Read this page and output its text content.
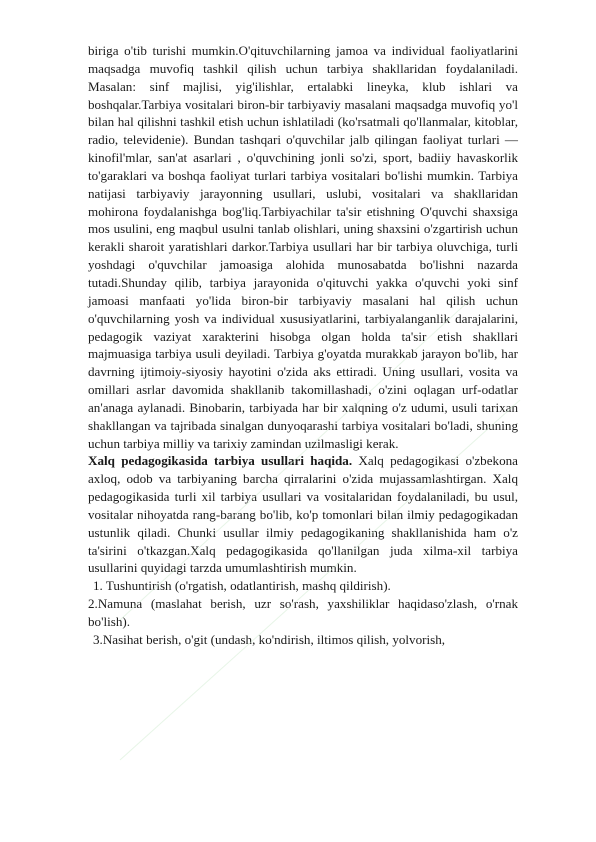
biriga o'tib turishi mumkin.O'qituvchilarning jamoa va individual faoliyatlarini maqsadga muvofiq tashkil qilish uchun tarbiya shakllaridan foydalaniladi. Masalan: sinf majlisi, yig'ilishlar, ertalabki lineyka, klub ishlari va boshqalar.Tarbiya vositalari biron-bir tarbiyaviy masalani maqsadga muvofiq yo'l bilan hal qilishni tashkil etish uchun ishlatiladi (ko'rsatmali qo'llanmalar, kitoblar, radio, televidenie). Bundan tashqari o'quvchilar jalb qilingan faoliyat turlari — kinofil'mlar, san'at asarlari , o'quvchining jonli so'zi, sport, badiiy havaskorlik to'garaklari va boshqa faoliyat turlari tarbiya vositalari bo'lishi mumkin. Tarbiya natijasi tarbiyaviy jarayonning usullari, uslubi, vositalari va shakllaridan mohirona foydalanishga bog'liq.Tarbiyachilar ta'sir etishning O'quvchi shaxsiga mos usulini, eng maqbul usulni tanlab olishlari, uning shaxsini o'zgartirish uchun kerakli sharoit yaratishlari darkor.Tarbiya usullari har bir tarbiya oluvchiga, turli yoshdagi o'quvchilar jamoasiga alohida munosabatda bo'lishni nazarda tutadi.Shunday qilib, tarbiya jarayonida o'qituvchi yakka o'quvchi yoki sinf jamoasi manfaati yo'lida biron-bir tarbiyaviy masalani hal qilish uchun o'quvchilarning yosh va individual xususiyatlarini, tarbiyalanganlik darajalarini, pedagogik vaziyat xarakterini hisobga olgan holda ta'sir etish shakllari majmuasiga tarbiya usuli deyiladi. Tarbiya g'oyatda murakkab jarayon bo'lib, har davrning ijtimoiy-siyosiy hayotini o'zida aks ettiradi. Uning usullari, vosita va omillari asrlar davomida shakllanib takomillashadi, o'zini oqlagan urf-odatlar an'anaga aylanadi. Binobarin, tarbiyada har bir xalqning o'z udumi, usuli tarixan shakllangan va tajribada sinalgan dunyoqarashi tarbiya vositalari bo'ladi, shuning uchun tarbiya milliy va tarixiy zamindan uzilmasligi kerak.

Xalq pedagogikasida tarbiya usullari haqida. Xalq pedagogikasi o'zbekona axloq, odob va tarbiyaning barcha qirralarini o'zida mujassamlashtirgan. Xalq pedagogikasida turli xil tarbiya usullari va vositalaridan foydalaniladi, bu usul, vositalar nihoyatda rang-barang bo'lib, ko'p tomonlari bilan ilmiy pedagogikadan ustunlik qiladi. Chunki usullar ilmiy pedagogikaning shakllanishida ham o'z ta'sirini o'tkazgan.Xalq pedagogikasida qo'llanilgan juda xilma-xil tarbiya usullarini quyidagi tarzda umumlashtirish mumkin.

1. Tushuntirish (o'rgatish, odatlantirish, mashq qildirish).

2.Namuna (maslahat berish, uzr so'rash, yaxshiliklar haqidaso'zlash, o'rnak bo'lish).

3.Nasihat berish, o'git (undash, ko'ndirish, iltimos qilish, yolvorish,
